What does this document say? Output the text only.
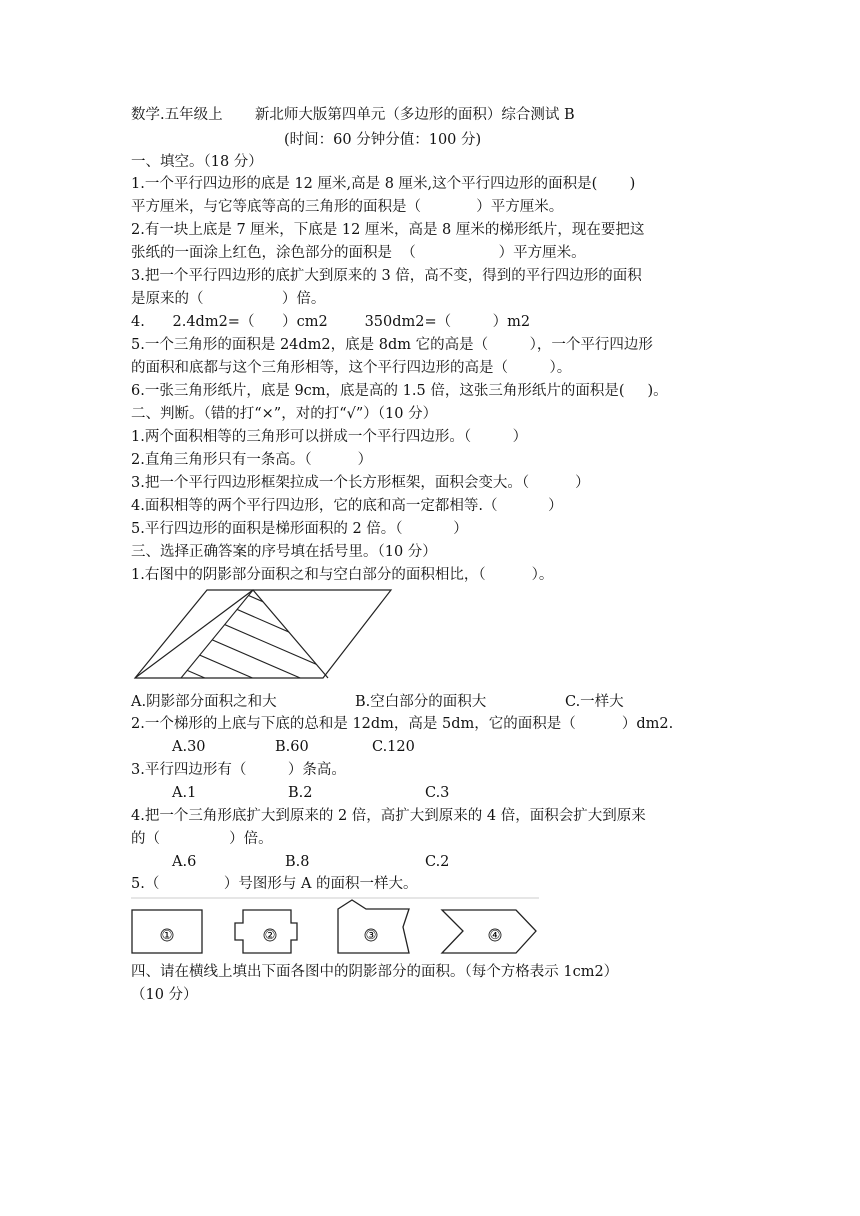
数学.五年级上       新北师大版第四单元（多边形的面积）综合测试 B
(时间：60 分钟分值：100 分)
一、填空。（18 分）
1.一个平行四边形的底是 12 厘米,高是 8 厘米,这个平行四边形的面积是(       )
平方厘米，与它等底等高的三角形的面积是（            ）平方厘米。
2.有一块上底是 7 厘米，下底是 12 厘米，高是 8 厘米的梯形纸片，现在要把这
张纸的一面涂上红色，涂色部分的面积是  （                  ）平方厘米。
3.把一个平行四边形的底扩大到原来的 3 倍，高不变，得到的平行四边形的面积
是原来的（                 ）倍。
4.      2.4dm2=（      ）cm2        350dm2=（         ）m2
5.一个三角形的面积是 24dm2，底是 8dm 它的高是（         ），一个平行四边形
的面积和底都与这个三角形相等，这个平行四边形的高是（         ）。
6.一张三角形纸片，底是 9cm，底是高的 1.5 倍，这张三角形纸片的面积是(     )。
二、判断。（错的打“×”，对的打“√”）（10 分）
1.两个面积相等的三角形可以拼成一个平行四边形。（         ）
2.直角三角形只有一条高。（          ）
3.把一个平行四边形框架拉成一个长方形框架，面积会变大。（          ）
4.面积相等的两个平行四边形，它的底和高一定都相等.（           ）
5.平行四边形的面积是梯形面积的 2 倍。（           ）
三、选择正确答案的序号填在括号里。（10 分）
1.右图中的阴影部分面积之和与空白部分的面积相比，（          ）。
A.阴影部分面积之和大	B.空白部分的面积大	C.一样大
2.一个梯形的上底与下底的总和是 12dm，高是 5dm，它的面积是（          ）dm2.
A.30	B.60	C.120
3.平行四边形有（         ）条高。
A.1	B.2	C.3
4.把一个三角形底扩大到原来的 2 倍，高扩大到原来的 4 倍，面积会扩大到原来
的（               ）倍。
A.6	B.8	C.2
5.（              ）号图形与 A 的面积一样大。
①	②	③	④
四、请在横线上填出下面各图中的阴影部分的面积。（每个方格表示 1cm2）
（10 分）
